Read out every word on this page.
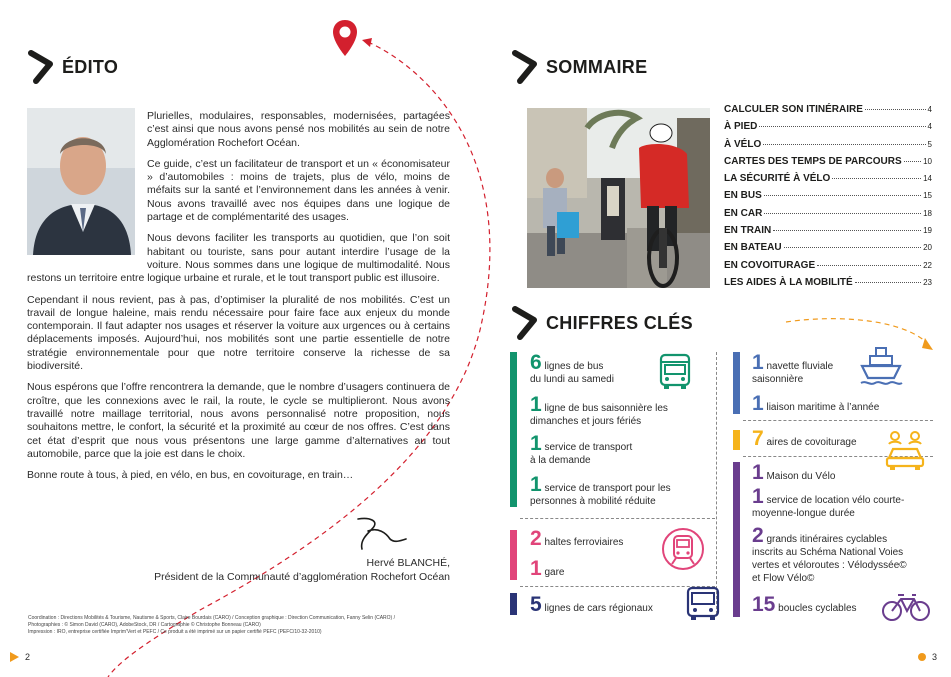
ÉDITO

Plurielles, modulaires, responsables, modernisées, partagées c’est ainsi que nous avons pensé nos mobilités au sein de notre Agglomération Rochefort Océan.

Ce guide, c’est un facilitateur de transport et un « économisateur » d’automobiles : moins de trajets, plus de vélo, moins de méfaits sur la santé et l’environnement dans les années à venir. Nous avons travaillé avec nos équipes dans une logique de partage et de complémentarité des usages.

Nous devons faciliter les transports au quotidien, que l’on soit habitant ou touriste, sans pour autant interdire l’usage de la voiture. Nous sommes dans une logique de multimodalité. Nous restons un territoire entre logique urbaine et rurale, et le tout transport public est illusoire.

Cependant il nous revient, pas à pas, d’optimiser la pluralité de nos mobilités. C’est un travail de longue haleine, mais rendu nécessaire pour faire face aux enjeux du monde contemporain. Il faut adapter nos usages et réserver la voiture aux urgences ou à certains déplacements imposés. Aujourd’hui, nos mobilités sont une partie essentielle de notre stratégie environnementale pour que notre territoire conserve la richesse de sa biodiversité.

Nous espérons que l’offre rencontrera la demande, que le nombre d’usagers continuera de croître, que les connexions avec le rail, la route, le cycle se multiplieront. Nous avons travaillé notre maillage territorial, nous avons personnalisé notre proposition, nous souhaitons mettre, le confort, la sécurité et la proximité au cœur de nos offres. C’est dans cet état d’esprit que nous vous présentons une large gamme d’alternatives au tout automobile, parce que la joie est dans le choix.

Bonne route à tous, à pied, en vélo, en bus, en covoiturage, en train…

Hervé BLANCHÉ,
Président de la Communauté d’agglomération Rochefort Océan
Coordination : Directions Mobilités & Tourisme, Nautisme & Sports, Claire Bourdais (CARO) / Conception graphique : Direction Communication, Fanny Selin (CARO) /
Photographies : © Simon David (CARO), AdobeStock, DR / Cartographie © Christophe Bonneau (CARO)
Impression : IRO, entreprise certifiée Imprim'Vert et PEFC / Ce produit a été imprimé sur un papier certifié PEFC (PEFC/10-32-2010)
2
SOMMAIRE
CALCULER SON ITINÉRAIRE	4
À PIED	4
À VÉLO	5
CARTES DES TEMPS DE PARCOURS	10
LA SÉCURITÉ À VÉLO	14
EN BUS	15
EN CAR	18
EN TRAIN	19
EN BATEAU	20
EN COVOITURAGE	22
LES AIDES À LA MOBILITÉ	23
CHIFFRES CLÉS
6 lignes de bus
du lundi au samedi
1 ligne de bus saisonnière les
dimanches et jours fériés
1 service de transport
à la demande
1 service de transport pour les
personnes à mobilité réduite
2 haltes ferroviaires
1 gare
5 lignes de cars régionaux
1 navette fluviale
saisonnière
1 liaison maritime à l’année
7 aires de covoiturage
1 Maison du Vélo
1 service de location vélo courte-
moyenne-longue durée
2 grands itinéraires cyclables
inscrits au Schéma National Voies
vertes et véloroutes : Vélodyssée©
et Flow Vélo©
15 boucles cyclables
3
